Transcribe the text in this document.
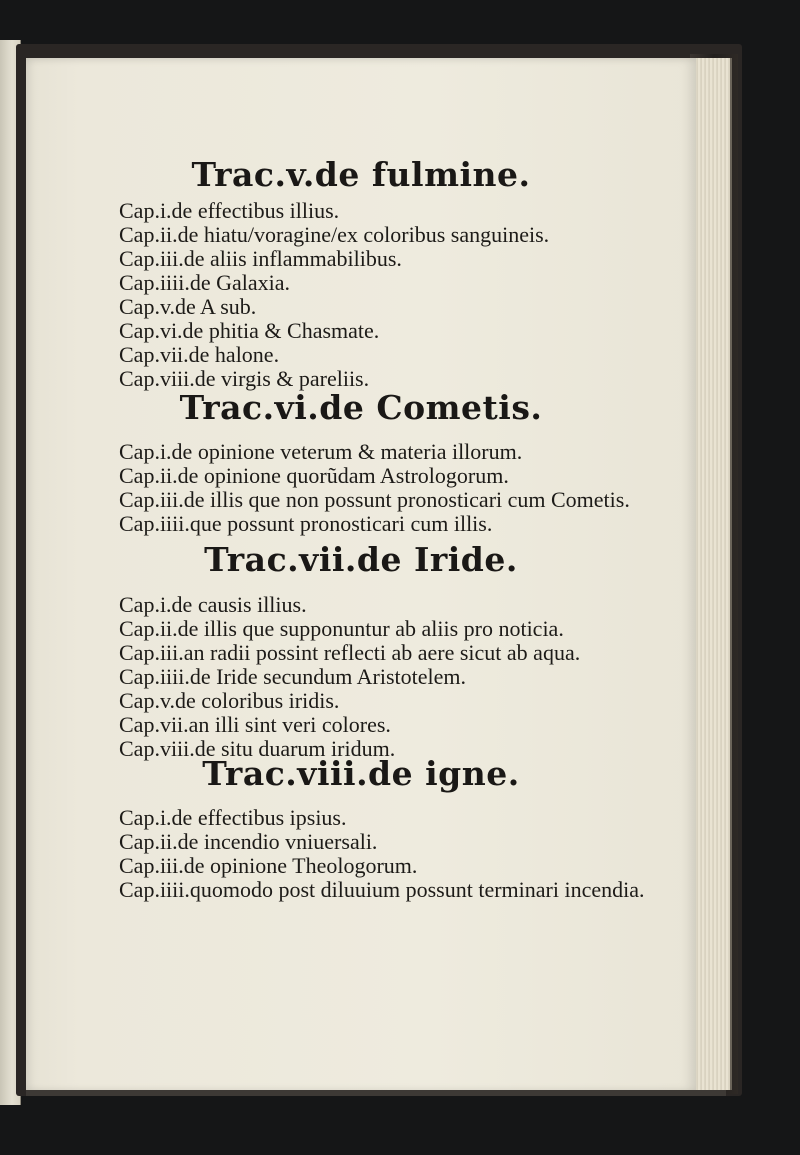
Trac.v.de fulmine.
Cap.i.de effectibus illius.
Cap.ii.de hiatu/voragine/ex coloribus sanguineis.
Cap.iii.de aliis inflammabilibus.
Cap.iiii.de Galaxia.
Cap.v.de A sub.
Cap.vi.de phitia & Chasmate.
Cap.vii.de halone.
Cap.viii.de virgis & pareliis.
Trac.vi.de Cometis.
Cap.i.de opinione veterum & materia illorum.
Cap.ii.de opinione quorũdam Astrologorum.
Cap.iii.de illis que non possunt pronosticari cum Cometis.
Cap.iiii.que possunt pronosticari cum illis.
Trac.vii.de Iride.
Cap.i.de causis illius.
Cap.ii.de illis que supponuntur ab aliis pro noticia.
Cap.iii.an radii possint reflecti ab aere sicut ab aqua.
Cap.iiii.de Iride secundum Aristotelem.
Cap.v.de coloribus iridis.
Cap.vii.an illi sint veri colores.
Cap.viii.de situ duarum iridum.
Trac.viii.de igne.
Cap.i.de effectibus ipsius.
Cap.ii.de incendio vniuersali.
Cap.iii.de opinione Theologorum.
Cap.iiii.quomodo post diluuium possunt terminari incendia.
